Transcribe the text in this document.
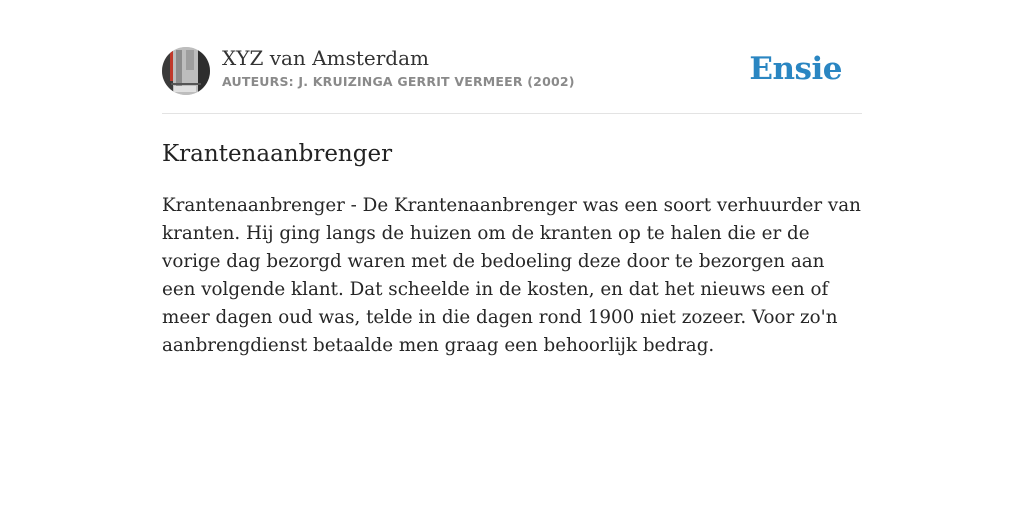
XYZ van Amsterdam
AUTEURS: J. KRUIZINGA GERRIT VERMEER (2002)	Ensie
Krantenaanbrenger

Krantenaanbrenger - De Krantenaanbrenger was een soort verhuurder van kranten. Hij ging langs de huizen om de kranten op te halen die er de vorige dag bezorgd waren met de bedoeling deze door te bezorgen aan een volgende klant. Dat scheelde in de kosten, en dat het nieuws een of meer dagen oud was, telde in die dagen rond 1900 niet zozeer. Voor zo'n aanbrengdienst betaalde men graag een behoorlijk bedrag.
